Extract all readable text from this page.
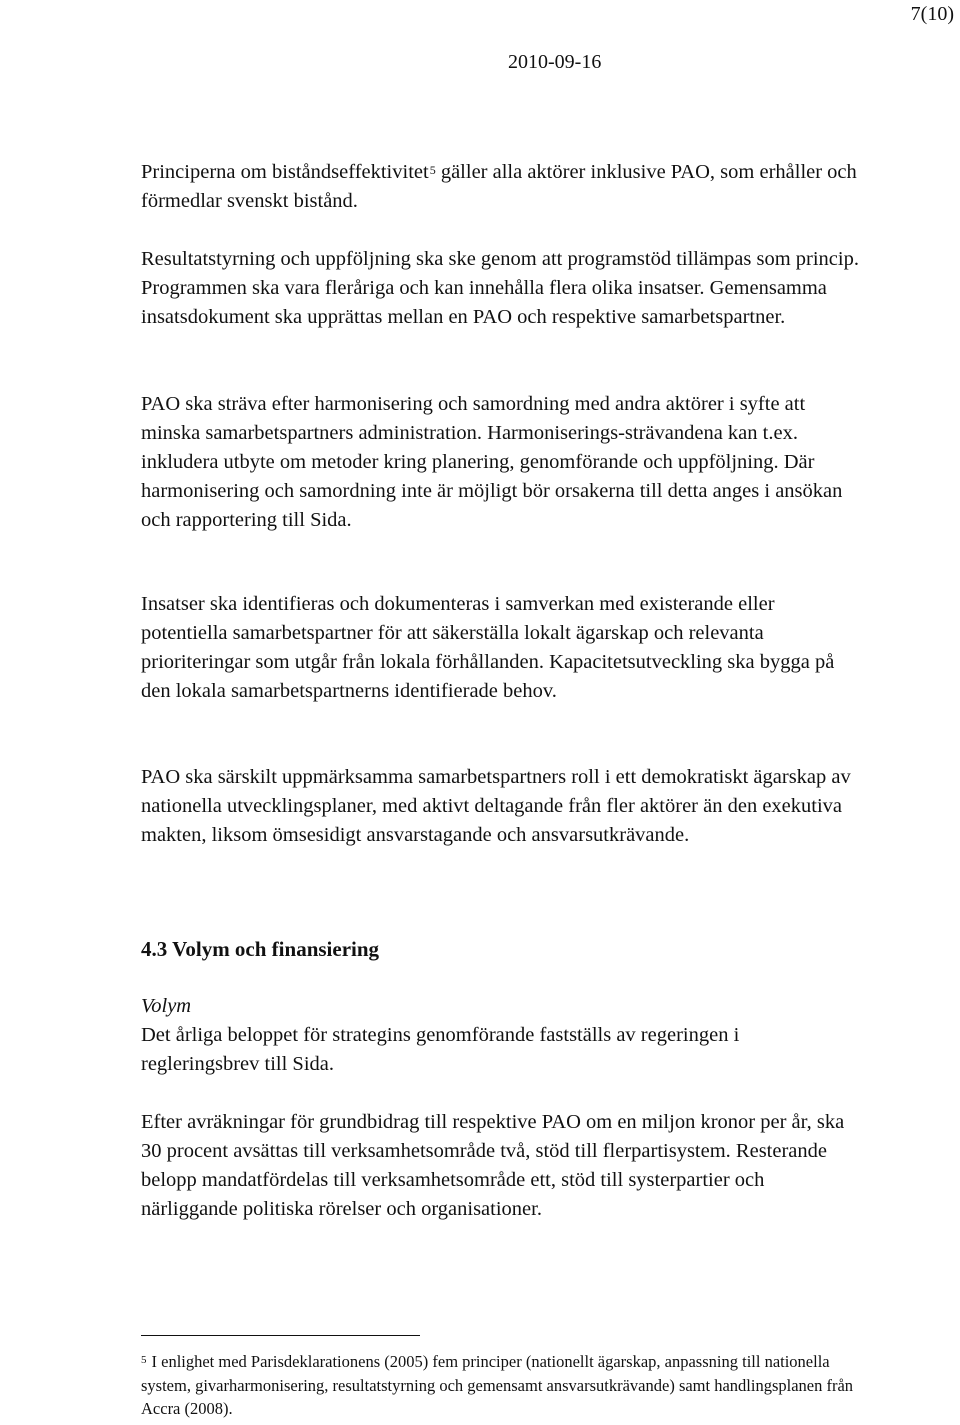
7(10)
2010-09-16

Principerna om biståndseffektivitet$^5$ gäller alla aktörer inklusive PAO, som erhåller och förmedlar svenskt bistånd.

Resultatstyrning och uppföljning ska ske genom att programstöd tillämpas som princip. Programmen ska vara fleråriga och kan innehålla flera olika insatser. Gemensamma insatsdokument ska upprättas mellan en PAO och respektive samarbetspartner.

PAO ska sträva efter harmonisering och samordning med andra aktörer i syfte att minska samarbetspartners administration. Harmoniserings-strävandena kan t.ex. inkludera utbyte om metoder kring planering, genomförande och uppföljning. Där harmonisering och samordning inte är möjligt bör orsakerna till detta anges i ansökan och rapportering till Sida.

Insatser ska identifieras och dokumenteras i samverkan med existerande eller potentiella samarbetspartner för att säkerställa lokalt ägarskap och relevanta prioriteringar som utgår från lokala förhållanden. Kapacitetsutveckling ska bygga på den lokala samarbetspartnerns identifierade behov.

PAO ska särskilt uppmärksamma samarbetspartners roll i ett demokratiskt ägarskap av nationella utvecklingsplaner, med aktivt deltagande från fler aktörer än den exekutiva makten, liksom ömsesidigt ansvarstagande och ansvarsutkrävande.

4.3 Volym och finansiering

Volym

Det årliga beloppet för strategins genomförande fastställs av regeringen i regleringsbrev till Sida.

Efter avräkningar för grundbidrag till respektive PAO om en miljon kronor per år, ska 30 procent avsättas till verksamhetsområde två, stöd till flerpartisystem. Resterande belopp mandatfördelas till verksamhetsområde ett, stöd till systerpartier och närliggande politiska rörelser och organisationer.

$^5$ I enlighet med Parisdeklarationens (2005) fem principer (nationellt ägarskap, anpassning till nationella system, givarharmonisering, resultatstyrning och gemensamt ansvarsutkrävande) samt handlingsplanen från Accra (2008).
